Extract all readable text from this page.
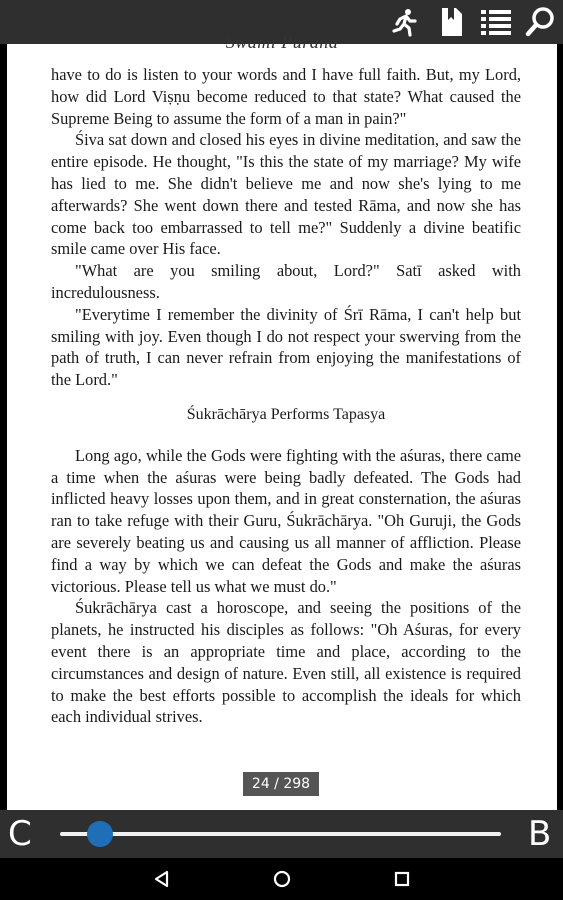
Swami Purana

have to do is listen to your words and I have full faith. But, my Lord, how did Lord Viṣṇu become reduced to that state? What caused the Supreme Being to assume the form of a man in pain?"

Śiva sat down and closed his eyes in divine meditation, and saw the entire episode. He thought, "Is this the state of my marriage? My wife has lied to me. She didn't believe me and now she's lying to me afterwards? She went down there and tested Rāma, and now she has come back too embarrassed to tell me?" Suddenly a divine beatific smile came over His face.

"What are you smiling about, Lord?" Satī asked with incredulousness.

"Everytime I remember the divinity of Śrī Rāma, I can't help but smiling with joy. Even though I do not respect your swerving from the path of truth, I can never refrain from enjoying the manifestations of the Lord."

Śukrāchārya Performs Tapasya

Long ago, while the Gods were fighting with the aśuras, there came a time when the aśuras were being badly defeated. The Gods had inflicted heavy losses upon them, and in great consternation, the aśuras ran to take refuge with their Guru, Śukrāchārya. "Oh Guruji, the Gods are severely beating us and causing us all manner of affliction. Please find a way by which we can defeat the Gods and make the aśuras victorious. Please tell us what we must do."

Śukrāchārya cast a horoscope, and seeing the positions of the planets, he instructed his disciples as follows: "Oh Aśuras, for every event there is an appropriate time and place, according to the circumstances and design of nature. Even still, all existence is required to make the best efforts possible to accomplish the ideals for which each individual strives.

24 / 298
C	B
